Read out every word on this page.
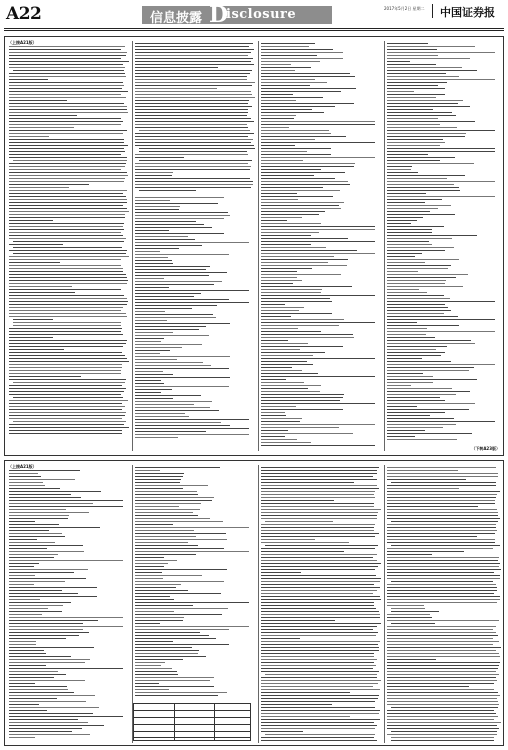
A22	信息披露 D
isclosure	2017年5月2日 星期二 中国证券报
（上接A21版）
（下转A23版）
（上接A21版）
